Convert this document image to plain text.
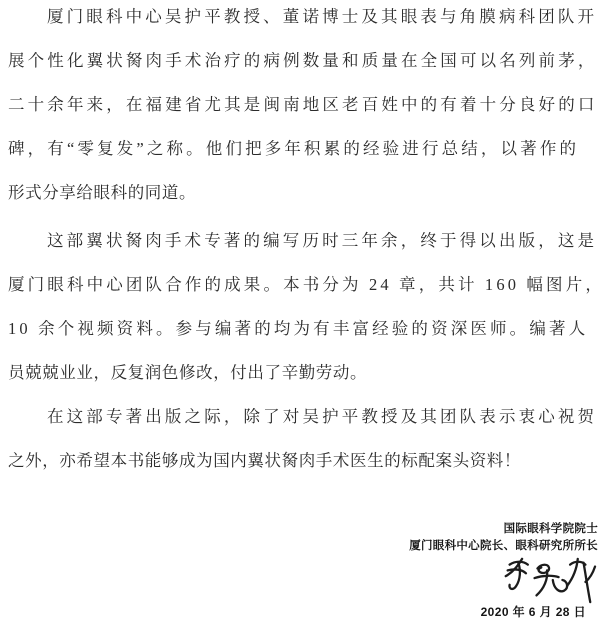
厦门眼科中心吴护平教授、董诺博士及其眼表与角膜病科团队开
展个性化翼状胬肉手术治疗的病例数量和质量在全国可以名列前茅，
二十余年来，在福建省尤其是闽南地区老百姓中的有着十分良好的口
碑，有“零复发”之称。他们把多年积累的经验进行总结，以著作的
形式分享给眼科的同道。
这部翼状胬肉手术专著的编写历时三年余，终于得以出版，这是
厦门眼科中心团队合作的成果。本书分为 24 章，共计 160 幅图片，
10 余个视频资料。参与编著的均为有丰富经验的资深医师。编著人
员兢兢业业，反复润色修改，付出了辛勤劳动。
在这部专著出版之际，除了对吴护平教授及其团队表示衷心祝贺
之外，亦希望本书能够成为国内翼状胬肉手术医生的标配案头资料！
国际眼科学院院士
厦门眼科中心院长、眼科研究所所长
2020 年 6 月 28 日
